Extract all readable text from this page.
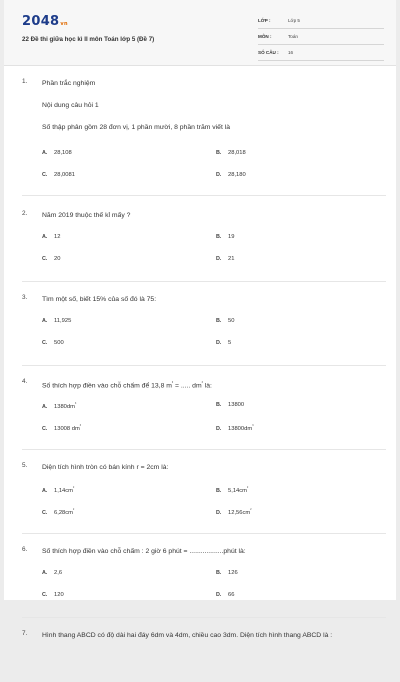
2048vn
22 Đề thi giữa học kì II môn Toán lớp 5 (Đề 7)
LỚP :	Lớp 5
MÔN :	Toán
SỐ CÂU :	16
1. Phần trắc nghiệm
Nội dung câu hỏi 1
Số thập phân gồm 28 đơn vị, 1 phần mười, 8 phần trăm viết là
A. 28,108	B. 28,018
C. 28,0081	D. 28,180
2. Năm 2019 thuộc thế kỉ mấy ?
A. 12	B. 19
C. 20	D. 21
3. Tìm một số, biết 15% của số đó là 75:
A. 11,925	B. 50
C. 500	D. 5
4.
Số thích hợp điền vào chỗ chấm để 13,8 $m^{^3}$ = ..... $dm^{^3}$ là:
A. $1380dm^{^3}$	B. 13800
C. 13008 $dm^{^3}$	D. $13800dm^{^3}$
5. Diện tích hình tròn có bán kính r = 2cm là:
A. $1,14cm^{^2}$	B. $5,14cm^{^2}$
C. $6,28cm^{^2}$	D. $12,56cm^{^2}$
6. Số thích hợp điền vào chỗ chấm : 2 giờ 6 phút = ..................phút là:
A. 2,6	B. 126
C. 120	D. 66
7. Hình thang ABCD có độ dài hai đáy 6dm và 4dm, chiều cao 3dm. Diện tích hình thang ABCD là :
